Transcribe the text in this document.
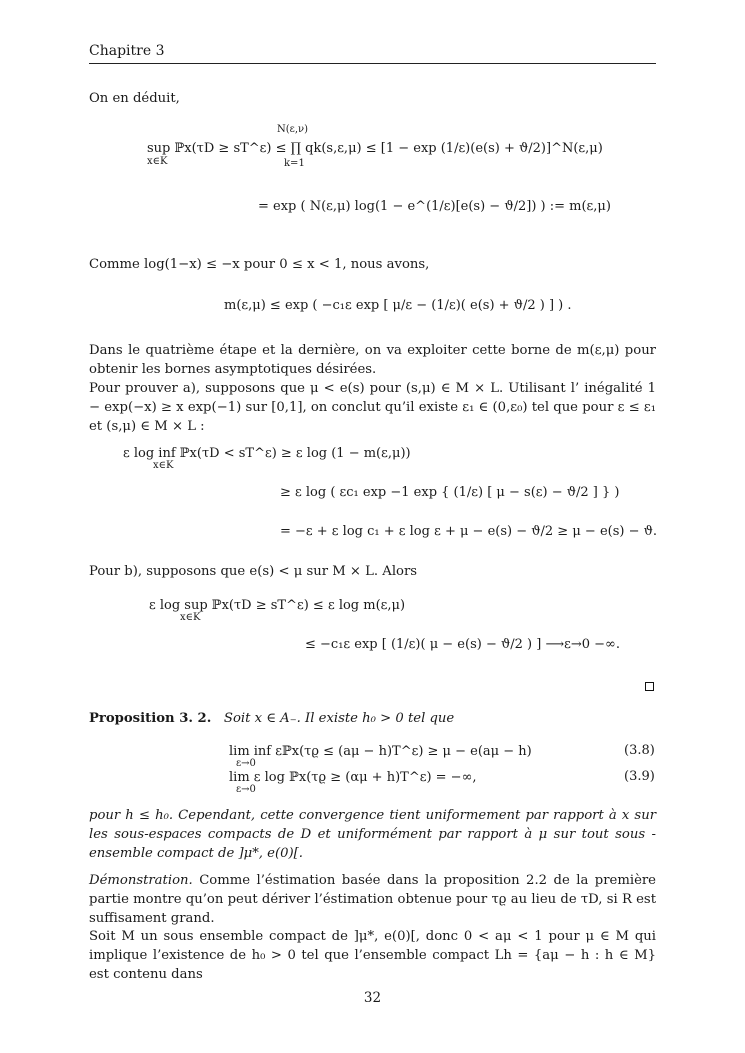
Chapitre 3

On en déduit,

N(ε,ν)
sup ℙx(τD ≥ sT^ε) ≤ ∏ qk(s,ε,μ) ≤ [1 − exp (1/ε)(e(s) + ϑ/2)]^N(ε,μ)
x∈K	k=1
= exp ( N(ε,μ) log(1 − e^(1/ε)[e(s) − ϑ/2]) ) := m(ε,μ)

Comme log(1−x) ≤ −x pour 0 ≤ x < 1, nous avons,

m(ε,μ) ≤ exp ( −c₁ε exp [ μ/ε − (1/ε)( e(s) + ϑ/2 ) ] ) .

Dans le quatrième étape et la dernière, on va exploiter cette borne de m(ε,μ) pour obtenir les bornes asymptotiques désirées.

Pour prouver a), supposons que μ < e(s) pour (s,μ) ∈ M × L. Utilisant l’ inégalité 1 − exp(−x) ≥ x exp(−1) sur [0,1], on conclut qu’il existe ε₁ ∈ (0,ε₀) tel que pour ε ≤ ε₁ et (s,μ) ∈ M × L :

ε log inf ℙx(τD < sT^ε) ≥ ε log (1 − m(ε,μ))
x∈K
≥ ε log ( εc₁ exp −1 exp { (1/ε) [ μ − s(ε) − ϑ/2 ] } )
= −ε + ε log c₁ + ε log ε + μ − e(s) − ϑ/2 ≥ μ − e(s) − ϑ.

Pour b), supposons que e(s) < μ sur M × L. Alors

ε log sup ℙx(τD ≥ sT^ε) ≤ ε log m(ε,μ)
x∈K
≤ −c₁ε exp [ (1/ε)( μ − e(s) − ϑ/2 ) ] ⟶ε→0 −∞.

Proposition 3. 2. Soit x ∈ A₋. Il existe h₀ > 0 tel que

lim inf εℙx(τϱ ≤ (aμ − h)T^ε) ≥ μ − e(aμ − h)
ε→0
(3.8)
lim ε log ℙx(τϱ ≥ (αμ + h)T^ε) = −∞,
ε→0
(3.9)

pour h ≤ h₀. Cependant, cette convergence tient uniformement par rapport à x sur les sous-espaces compacts de D et uniformément par rapport à μ sur tout sous -ensemble compact de ]μ*, e(0)[.

Démonstration. Comme l’éstimation basée dans la proposition 2.2 de la première partie montre qu’on peut dériver l’éstimation obtenue pour τϱ au lieu de τD, si R est suffisament grand.

Soit M un sous ensemble compact de ]μ*, e(0)[, donc 0 < aμ < 1 pour μ ∈ M qui implique l’existence de h₀ > 0 tel que l’ensemble compact Lh = {aμ − h : h ∈ M} est contenu dans

32
